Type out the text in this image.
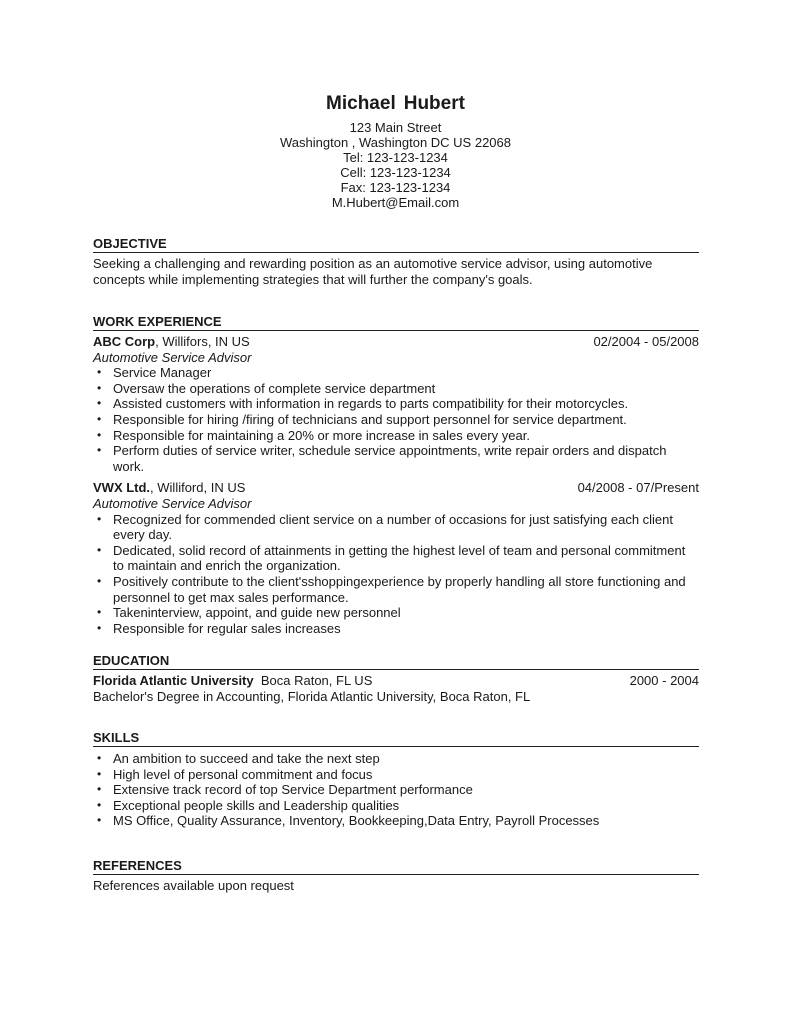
Michael Hubert
123 Main Street
Washington , Washington DC US 22068
Tel: 123-123-1234
Cell: 123-123-1234
Fax: 123-123-1234
M.Hubert@Email.com
OBJECTIVE
Seeking a challenging and rewarding position as an automotive service advisor, using automotive
concepts while implementing strategies that will further the company's goals.
WORK EXPERIENCE
ABC Corp, Willifors, IN US	02/2004 - 05/2008
Automotive Service Advisor
• Service Manager
• Oversaw the operations of complete service department
• Assisted customers with information in regards to parts compatibility for their motorcycles.
• Responsible for hiring /firing of technicians and support personnel for service department.
• Responsible for maintaining a 20% or more increase in sales every year.
• Perform duties of service writer, schedule service appointments, write repair orders and dispatch work.
VWX Ltd., Williford, IN US	04/2008 - 07/Present
Automotive Service Advisor
• Recognized for commended client service on a number of occasions for just satisfying each client every day.
• Dedicated, solid record of attainments in getting the highest level of team and personal commitment to maintain and enrich the organization.
• Positively contribute to the client'sshoppingexperience by properly handling all store functioning and personnel to get max sales performance.
• Takeninterview, appoint, and guide new personnel
• Responsible for regular sales increases
EDUCATION
Florida Atlantic University Boca Raton, FL US	2000 - 2004
Bachelor's Degree in Accounting, Florida Atlantic University, Boca Raton, FL
SKILLS
• An ambition to succeed and take the next step
• High level of personal commitment and focus
• Extensive track record of top Service Department performance
• Exceptional people skills and Leadership qualities
• MS Office, Quality Assurance, Inventory, Bookkeeping,Data Entry, Payroll Processes
REFERENCES
References available upon request
